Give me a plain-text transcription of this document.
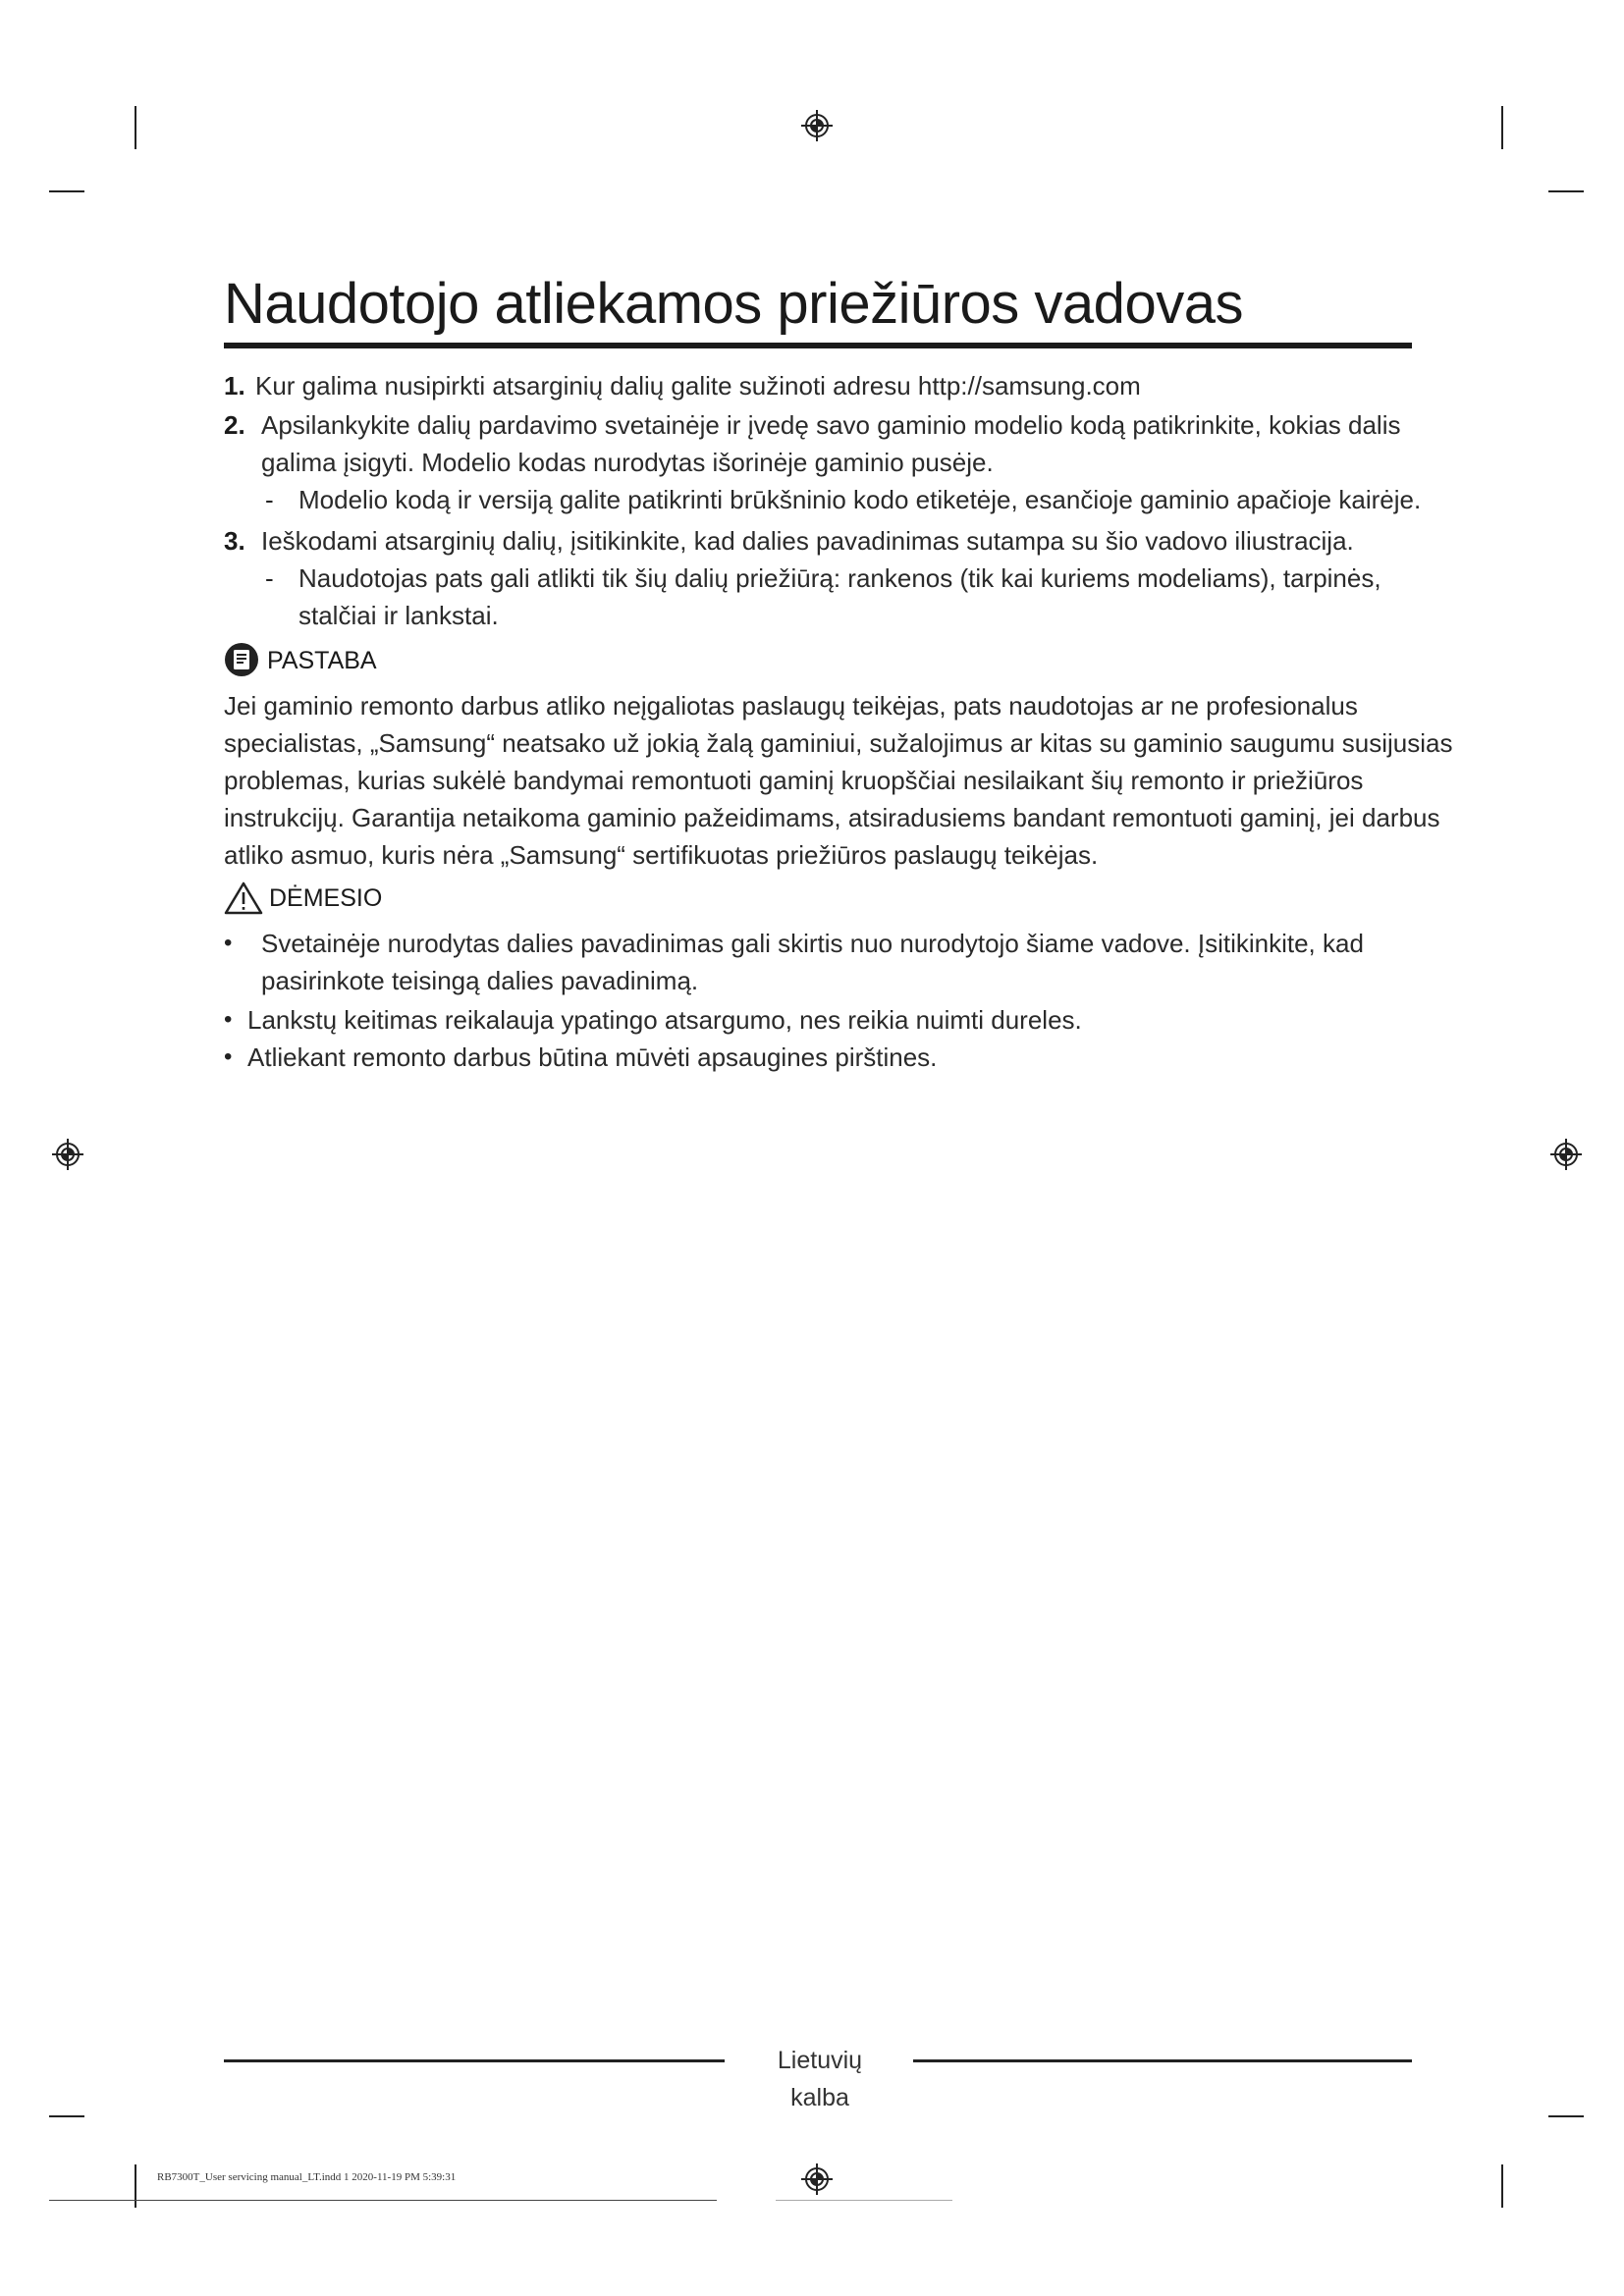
Naudotojo atliekamos priežiūros vadovas
1. Kur galima nusipirkti atsarginių dalių galite sužinoti adresu http://samsung.com
2. Apsilankykite dalių pardavimo svetainėje ir įvedę savo gaminio modelio kodą patikrinkite, kokias dalis
galima įsigyti. Modelio kodas nurodytas išorinėje gaminio pusėje.
- Modelio kodą ir versiją galite patikrinti brūkšninio kodo etiketėje, esančioje gaminio apačioje kairėje.
3. Ieškodami atsarginių dalių, įsitikinkite, kad dalies pavadinimas sutampa su šio vadovo iliustracija.
- Naudotojas pats gali atlikti tik šių dalių priežiūrą: rankenos (tik kai kuriems modeliams), tarpinės,
stalčiai ir lankstai.
PASTABA
Jei gaminio remonto darbus atliko neįgaliotas paslaugų teikėjas, pats naudotojas ar ne profesionalus
specialistas, „Samsung“ neatsako už jokią žalą gaminiui, sužalojimus ar kitas su gaminio saugumu susijusias
problemas, kurias sukėlė bandymai remontuoti gaminį kruopščiai nesilaikant šių remonto ir priežiūros
instrukcijų. Garantija netaikoma gaminio pažeidimams, atsiradusiems bandant remontuoti gaminį, jei darbus
atliko asmuo, kuris nėra „Samsung“ sertifikuotas priežiūros paslaugų teikėjas.
DĖMESIO
• Svetainėje nurodytas dalies pavadinimas gali skirtis nuo nurodytojo šiame vadove. Įsitikinkite, kad
pasirinkote teisingą dalies pavadinimą.
• Lankstų keitimas reikalauja ypatingo atsargumo, nes reikia nuimti dureles.
• Atliekant remonto darbus būtina mūvėti apsaugines pirštines.
Lietuvių kalba
RB7300T_User servicing manual_LT.indd 1 2020-11-19 PM 5:39:31
